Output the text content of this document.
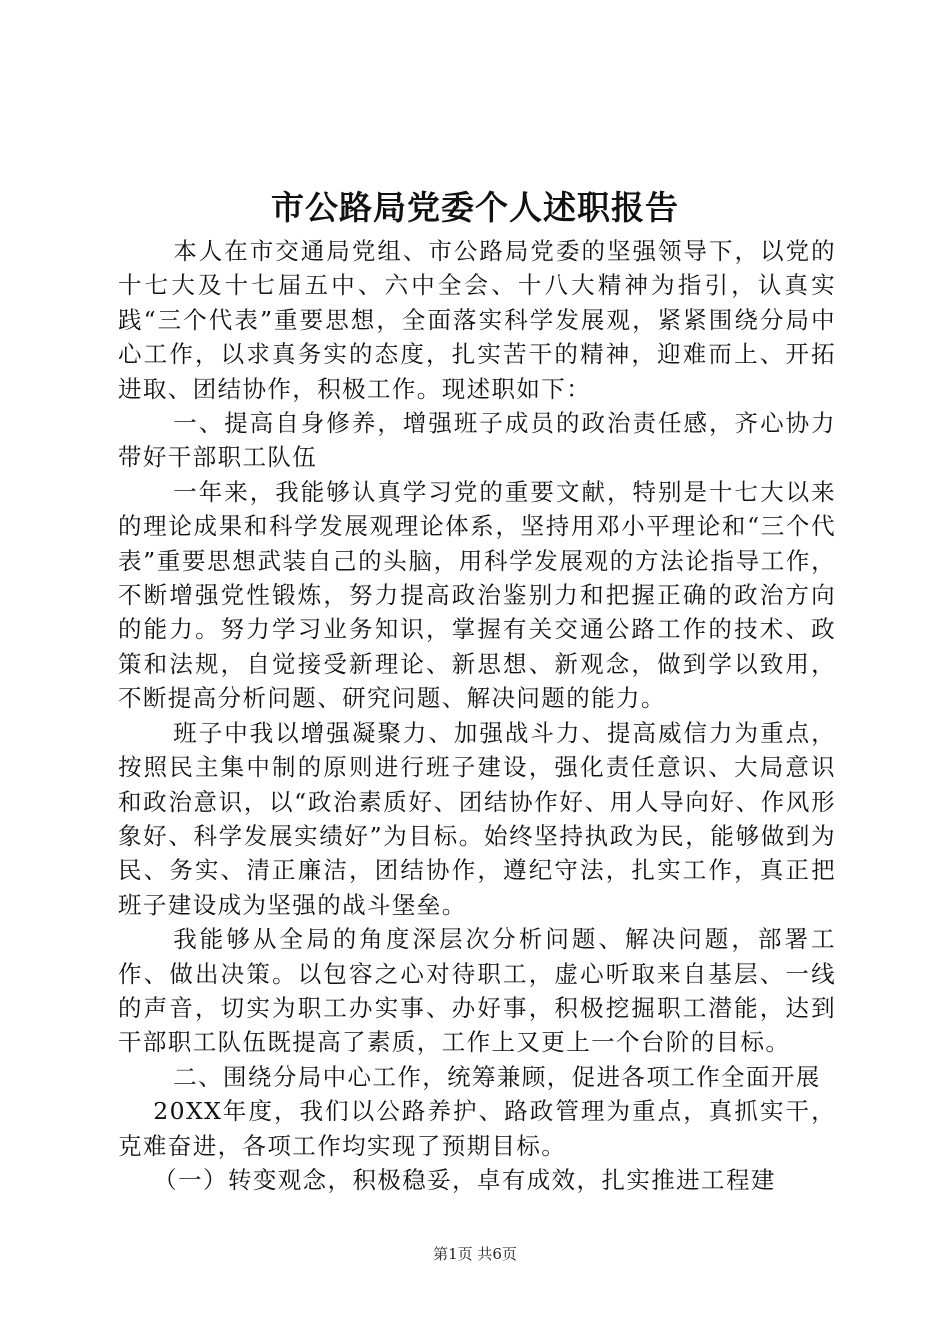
市公路局党委个人述职报告

本人在市交通局党组、市公路局党委的坚强领导下，以党的十七大及十七届五中、六中全会、十八大精神为指引，认真实践“三个代表”重要思想，全面落实科学发展观，紧紧围绕分局中心工作，以求真务实的态度，扎实苦干的精神，迎难而上、开拓进取、团结协作，积极工作。现述职如下：

一、提高自身修养，增强班子成员的政治责任感，齐心协力带好干部职工队伍

一年来，我能够认真学习党的重要文献，特别是十七大以来的理论成果和科学发展观理论体系，坚持用邓小平理论和“三个代表”重要思想武装自己的头脑，用科学发展观的方法论指导工作，不断增强党性锻炼，努力提高政治鉴别力和把握正确的政治方向的能力。努力学习业务知识，掌握有关交通公路工作的技术、政策和法规，自觉接受新理论、新思想、新观念，做到学以致用，不断提高分析问题、研究问题、解决问题的能力。

班子中我以增强凝聚力、加强战斗力、提高威信力为重点，按照民主集中制的原则进行班子建设，强化责任意识、大局意识和政治意识，以“政治素质好、团结协作好、用人导向好、作风形象好、科学发展实绩好”为目标。始终坚持执政为民，能够做到为民、务实、清正廉洁，团结协作，遵纪守法，扎实工作，真正把班子建设成为坚强的战斗堡垒。

我能够从全局的角度深层次分析问题、解决问题，部署工作、做出决策。以包容之心对待职工，虚心听取来自基层、一线的声音，切实为职工办实事、办好事，积极挖掘职工潜能，达到干部职工队伍既提高了素质，工作上又更上一个台阶的目标。

二、围绕分局中心工作，统筹兼顾，促进各项工作全面开展

20XX年度，我们以公路养护、路政管理为重点，真抓实干，克难奋进，各项工作均实现了预期目标。

（一）转变观念，积极稳妥，卓有成效，扎实推进工程建

第1页 共6页
